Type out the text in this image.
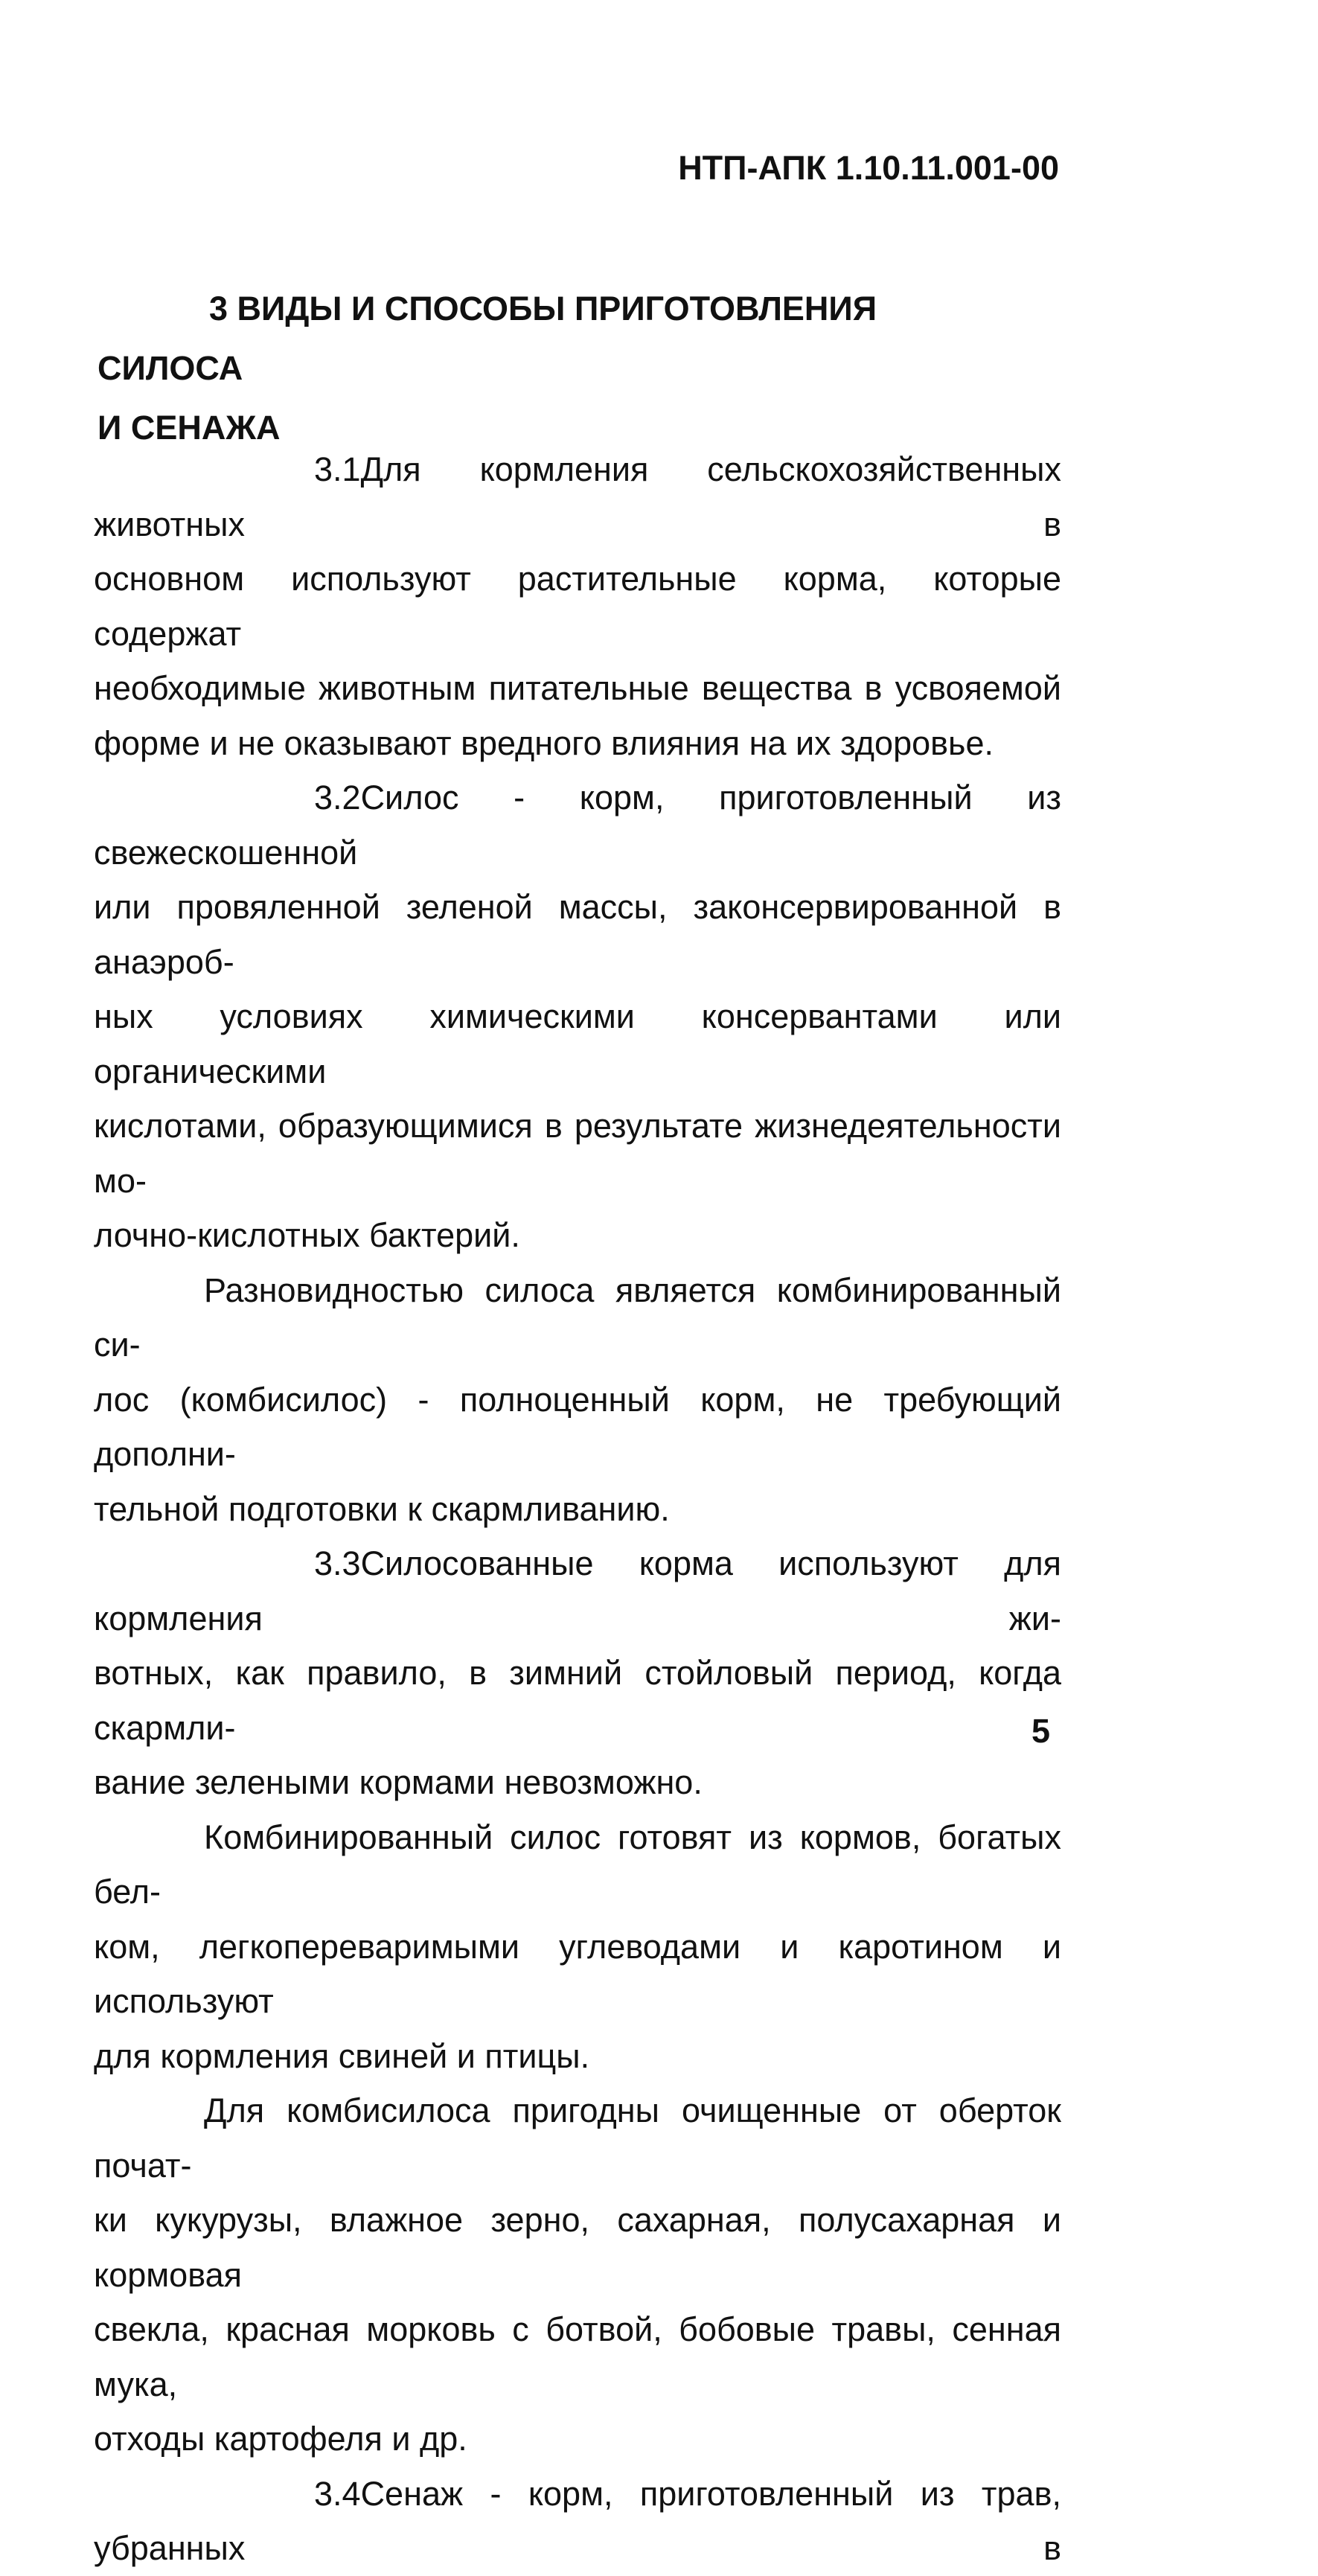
НТП-АПК 1.10.11.001-00
3 ВИДЫ И СПОСОБЫ ПРИГОТОВЛЕНИЯ СИЛОСА
И СЕНАЖА

3.1Для кормления сельскохозяйственных животных в

основном используют растительные корма, которые содержат

необходимые животным питательные вещества в усвояемой

форме и не оказывают вредного влияния на их здоровье.

3.2Силос - корм, приготовленный из свежескошенной

или провяленной зеленой массы, законсервированной в анаэроб-

ных условиях химическими консервантами или органическими

кислотами, образующимися в результате жизнедеятельности мо-

лочно-кислотных бактерий.

Разновидностью силоса является комбинированный си-

лос (комбисилос) - полноценный корм, не требующий дополни-

тельной подготовки к скармливанию.

3.3Силосованные корма используют для кормления жи-

вотных, как правило, в зимний стойловый период, когда скармли-

вание зелеными кормами невозможно.

Комбинированный силос готовят из кормов, богатых бел-

ком, легкопереваримыми углеводами и каротином и используют

для кормления свиней и птицы.

Для комбисилоса пригодны очищенные от оберток почат-

ки кукурузы, влажное зерно, сахарная, полусахарная и кормовая

свекла, красная морковь с ботвой, бобовые травы, сенная мука,

отходы картофеля и др.

3.4Сенаж - корм, приготовленный из трав, убранных в

5
